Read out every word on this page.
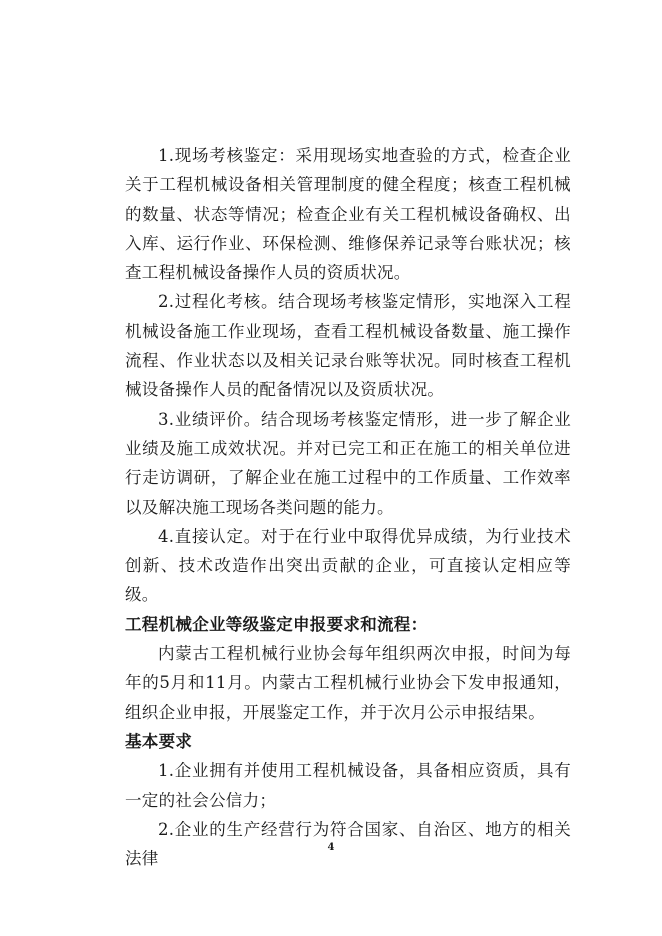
1.现场考核鉴定：采用现场实地查验的方式，检查企业关于工程机械设备相关管理制度的健全程度；核查工程机械的数量、状态等情况；检查企业有关工程机械设备确权、出入库、运行作业、环保检测、维修保养记录等台账状况；核查工程机械设备操作人员的资质状况。

2.过程化考核。结合现场考核鉴定情形，实地深入工程机械设备施工作业现场，查看工程机械设备数量、施工操作流程、作业状态以及相关记录台账等状况。同时核查工程机械设备操作人员的配备情况以及资质状况。

3.业绩评价。结合现场考核鉴定情形，进一步了解企业业绩及施工成效状况。并对已完工和正在施工的相关单位进行走访调研，了解企业在施工过程中的工作质量、工作效率以及解决施工现场各类问题的能力。

4.直接认定。对于在行业中取得优异成绩，为行业技术创新、技术改造作出突出贡献的企业，可直接认定相应等级。

工程机械企业等级鉴定申报要求和流程：

内蒙古工程机械行业协会每年组织两次申报，时间为每年的5月和11月。内蒙古工程机械行业协会下发申报通知，组织企业申报，开展鉴定工作，并于次月公示申报结果。

基本要求

1.企业拥有并使用工程机械设备，具备相应资质，具有一定的社会公信力；

2.企业的生产经营行为符合国家、自治区、地方的相关法律

4
